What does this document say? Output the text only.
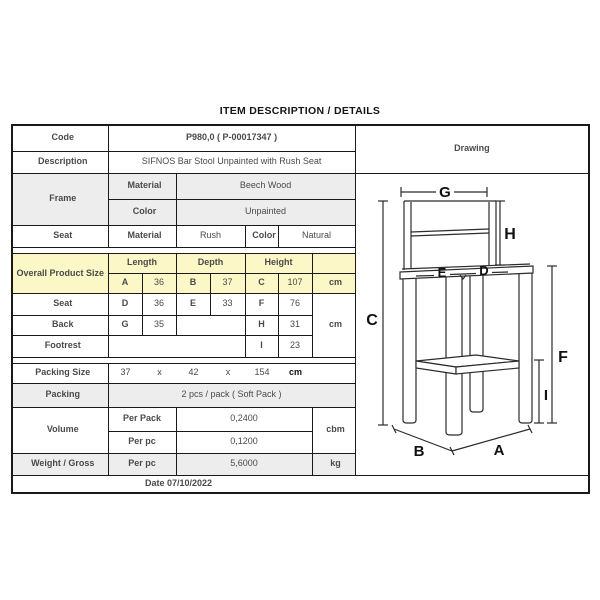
ITEM DESCRIPTION / DETAILS
Code	P980,0 ( P-00017347 )							Drawing
Description	SIFNOS Bar Stool Unpainted with Rush Seat							
Frame	Material	Beech Wood	
C
G
H
E	D
F
I
B	A

	Color		Unpainted					
Seat	Material		Rush		Color	Natural		

Overall Product Size	Length		Depth		Height			
	A	36	B	37	C	107	cm	
Seat	D	36	E	33	F	76	cm	
Back	G	35			H	31		
Footrest					I	23		

Packing Size	37	x	42	x	154	cm

Packing	2 pcs / pack ( Soft Pack )							
Volume	Per Pack		0,2400				cbm	
	Per pc		0,1200					
Weight / Gross	Per pc		5,6000				kg	
Date 07/10/2022								
